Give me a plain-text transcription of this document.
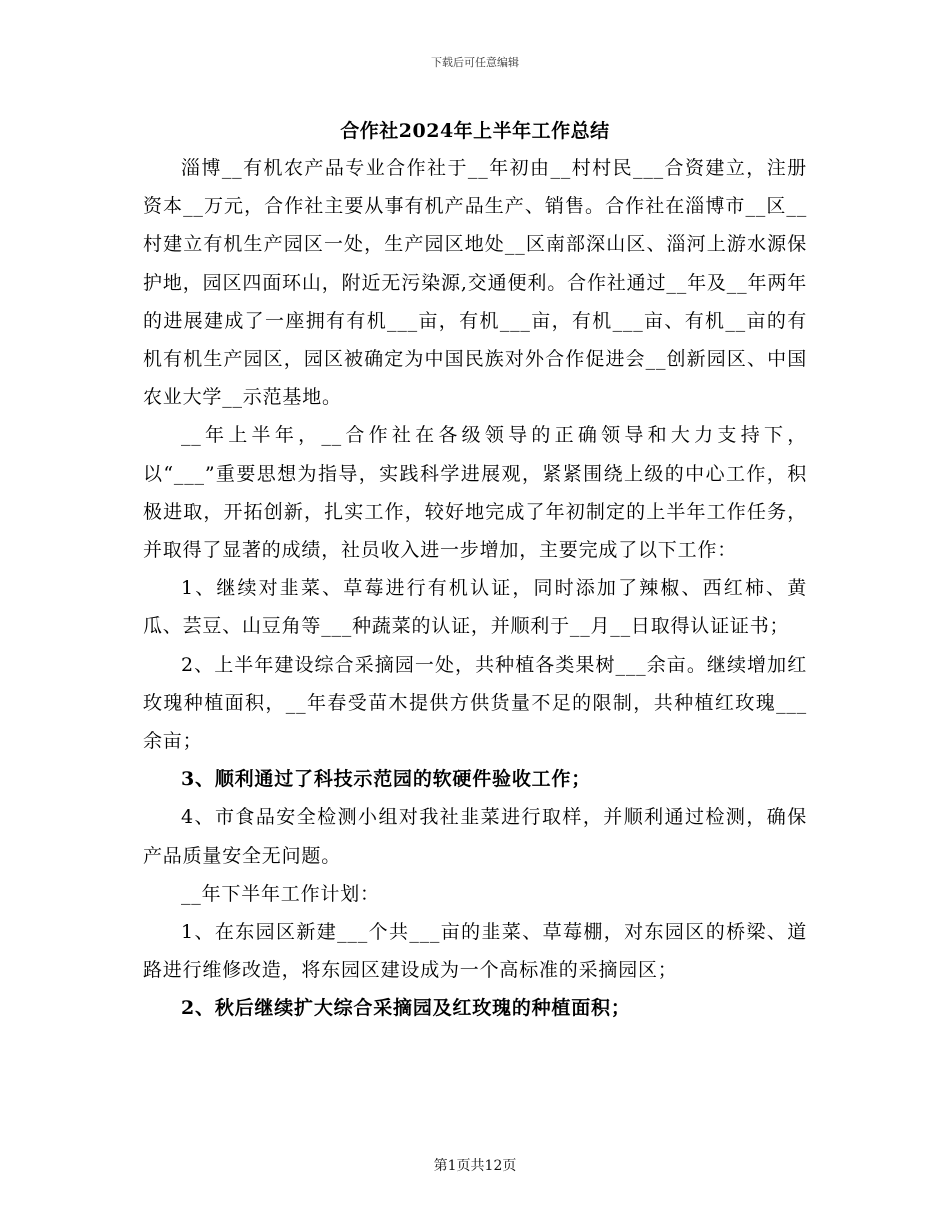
下载后可任意编辑
合作社2024年上半年工作总结

淄博__有机农产品专业合作社于__年初由__村村民___合资建立，注册资本__万元，合作社主要从事有机产品生产、销售。合作社在淄博市__区__村建立有机生产园区一处，生产园区地处__区南部深山区、淄河上游水源保护地，园区四面环山，附近无污染源,交通便利。合作社通过__年及__年两年的进展建成了一座拥有有机___亩，有机___亩，有机___亩、有机__亩的有机有机生产园区，园区被确定为中国民族对外合作促进会__创新园区、中国农业大学__示范基地。

__年上半年，__合作社在各级领导的正确领导和大力支持下，以“___”重要思想为指导，实践科学进展观，紧紧围绕上级的中心工作，积极进取，开拓创新，扎实工作，较好地完成了年初制定的上半年工作任务，并取得了显著的成绩，社员收入进一步增加，主要完成了以下工作：

1、继续对韭菜、草莓进行有机认证，同时添加了辣椒、西红柿、黄瓜、芸豆、山豆角等___种蔬菜的认证，并顺利于__月__日取得认证证书；

2、上半年建设综合采摘园一处，共种植各类果树___余亩。继续增加红玫瑰种植面积，__年春受苗木提供方供货量不足的限制，共种植红玫瑰___余亩；

3、顺利通过了科技示范园的软硬件验收工作；

4、市食品安全检测小组对我社韭菜进行取样，并顺利通过检测，确保产品质量安全无问题。

__年下半年工作计划：

1、在东园区新建___个共___亩的韭菜、草莓棚，对东园区的桥梁、道路进行维修改造，将东园区建设成为一个高标准的采摘园区；

2、秋后继续扩大综合采摘园及红玫瑰的种植面积；

第1页共12页
